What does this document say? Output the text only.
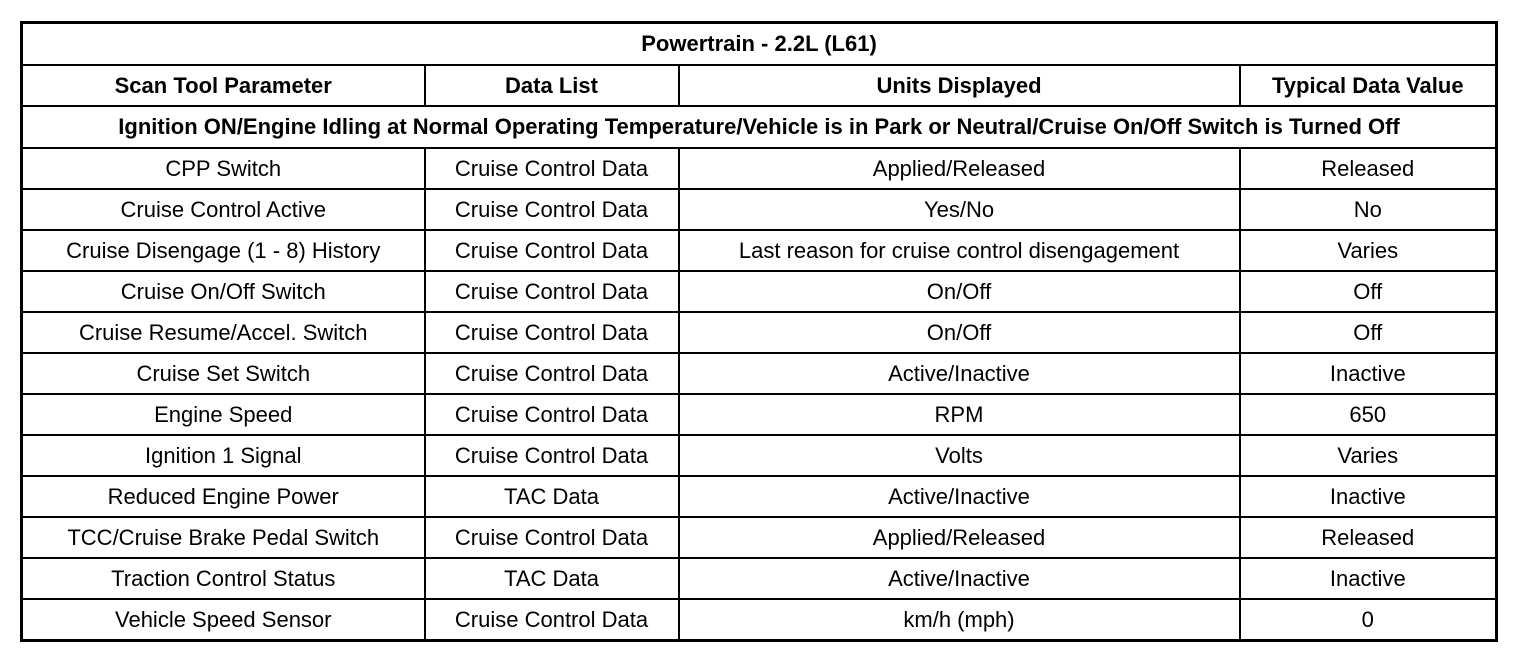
Powertrain - 2.2L (L61)			
Scan Tool Parameter	Data List	Units Displayed	Typical Data Value
Ignition ON/Engine Idling at Normal Operating Temperature/Vehicle is in Park or Neutral/Cruise On/Off Switch is Turned Off			
CPP Switch	Cruise Control Data	Applied/Released	Released
Cruise Control Active	Cruise Control Data	Yes/No	No
Cruise Disengage (1 - 8) History	Cruise Control Data	Last reason for cruise control disengagement	Varies
Cruise On/Off Switch	Cruise Control Data	On/Off	Off
Cruise Resume/Accel. Switch	Cruise Control Data	On/Off	Off
Cruise Set Switch	Cruise Control Data	Active/Inactive	Inactive
Engine Speed	Cruise Control Data	RPM	650
Ignition 1 Signal	Cruise Control Data	Volts	Varies
Reduced Engine Power	TAC Data	Active/Inactive	Inactive
TCC/Cruise Brake Pedal Switch	Cruise Control Data	Applied/Released	Released
Traction Control Status	TAC Data	Active/Inactive	Inactive
Vehicle Speed Sensor	Cruise Control Data	km/h (mph)	0
